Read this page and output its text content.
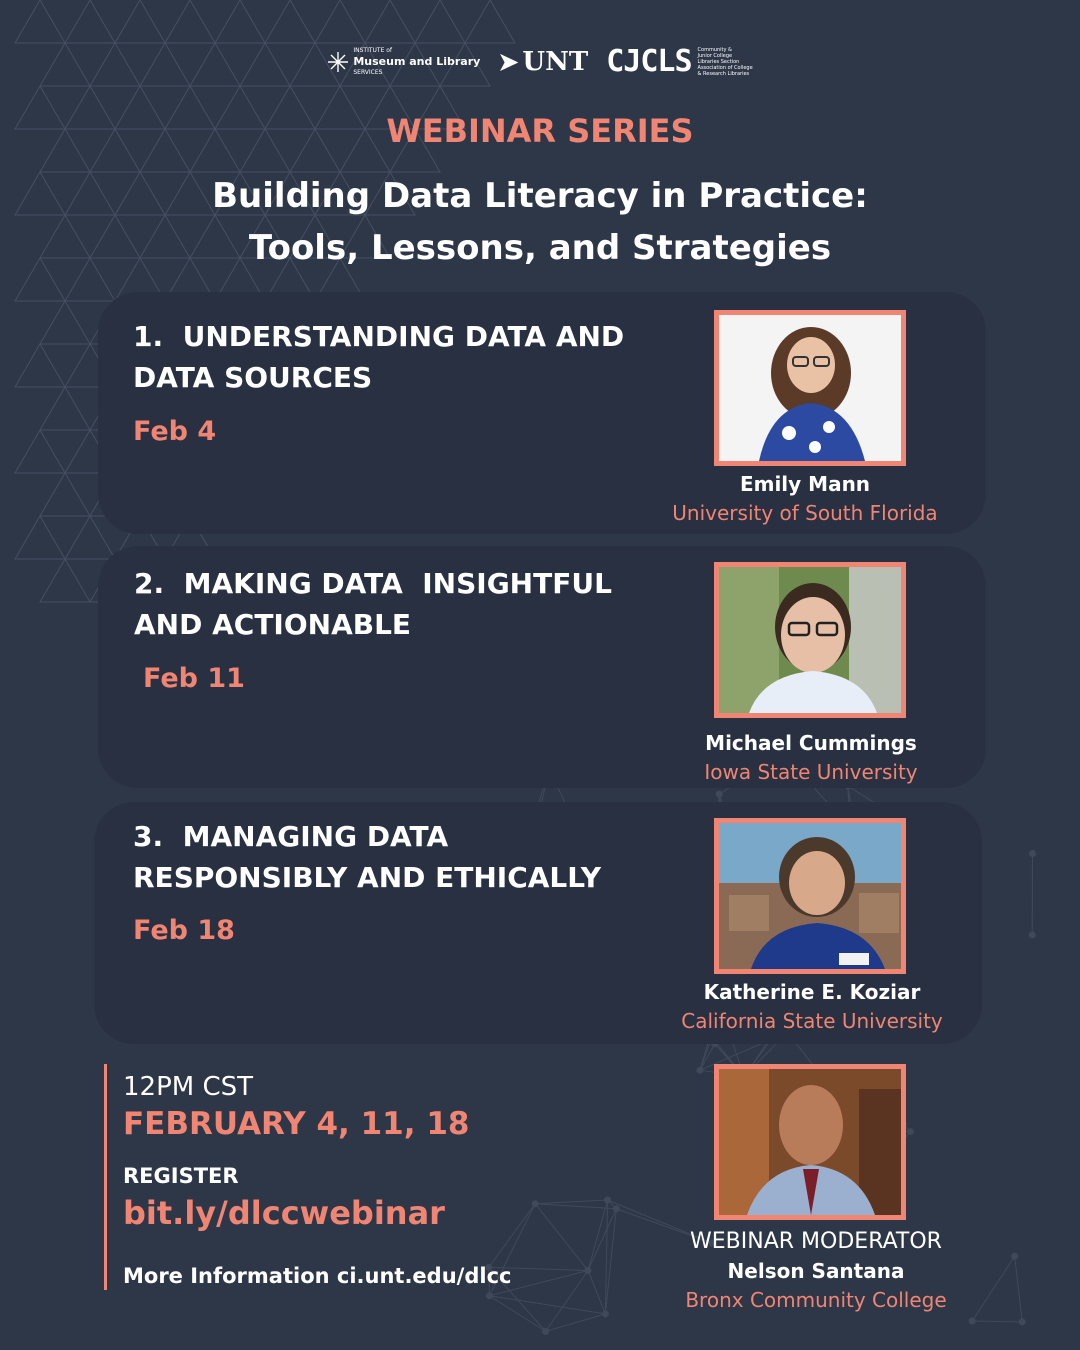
INSTITUTE of
Museum and Library
SERVICES	➤ UNT CJCLS Community &
Junior College
Libraries Section
Association of College
& Research Libraries
WEBINAR SERIES
Building Data Literacy in Practice:
Tools, Lessons, and Strategies
1.  UNDERSTANDING DATA AND
DATA SOURCES
Feb 4
2.  MAKING DATA  INSIGHTFUL
AND ACTIONABLE
Feb 11
3.  MANAGING DATA
RESPONSIBLY AND ETHICALLY
Feb 18
Emily Mann
University of South Florida
Michael Cummings
Iowa State University
Katherine E. Koziar
California State University
WEBINAR MODERATOR
Nelson Santana
Bronx Community College
12PM CST
FEBRUARY 4, 11, 18
REGISTER
bit.ly/dlccwebinar
More Information ci.unt.edu/dlcc
